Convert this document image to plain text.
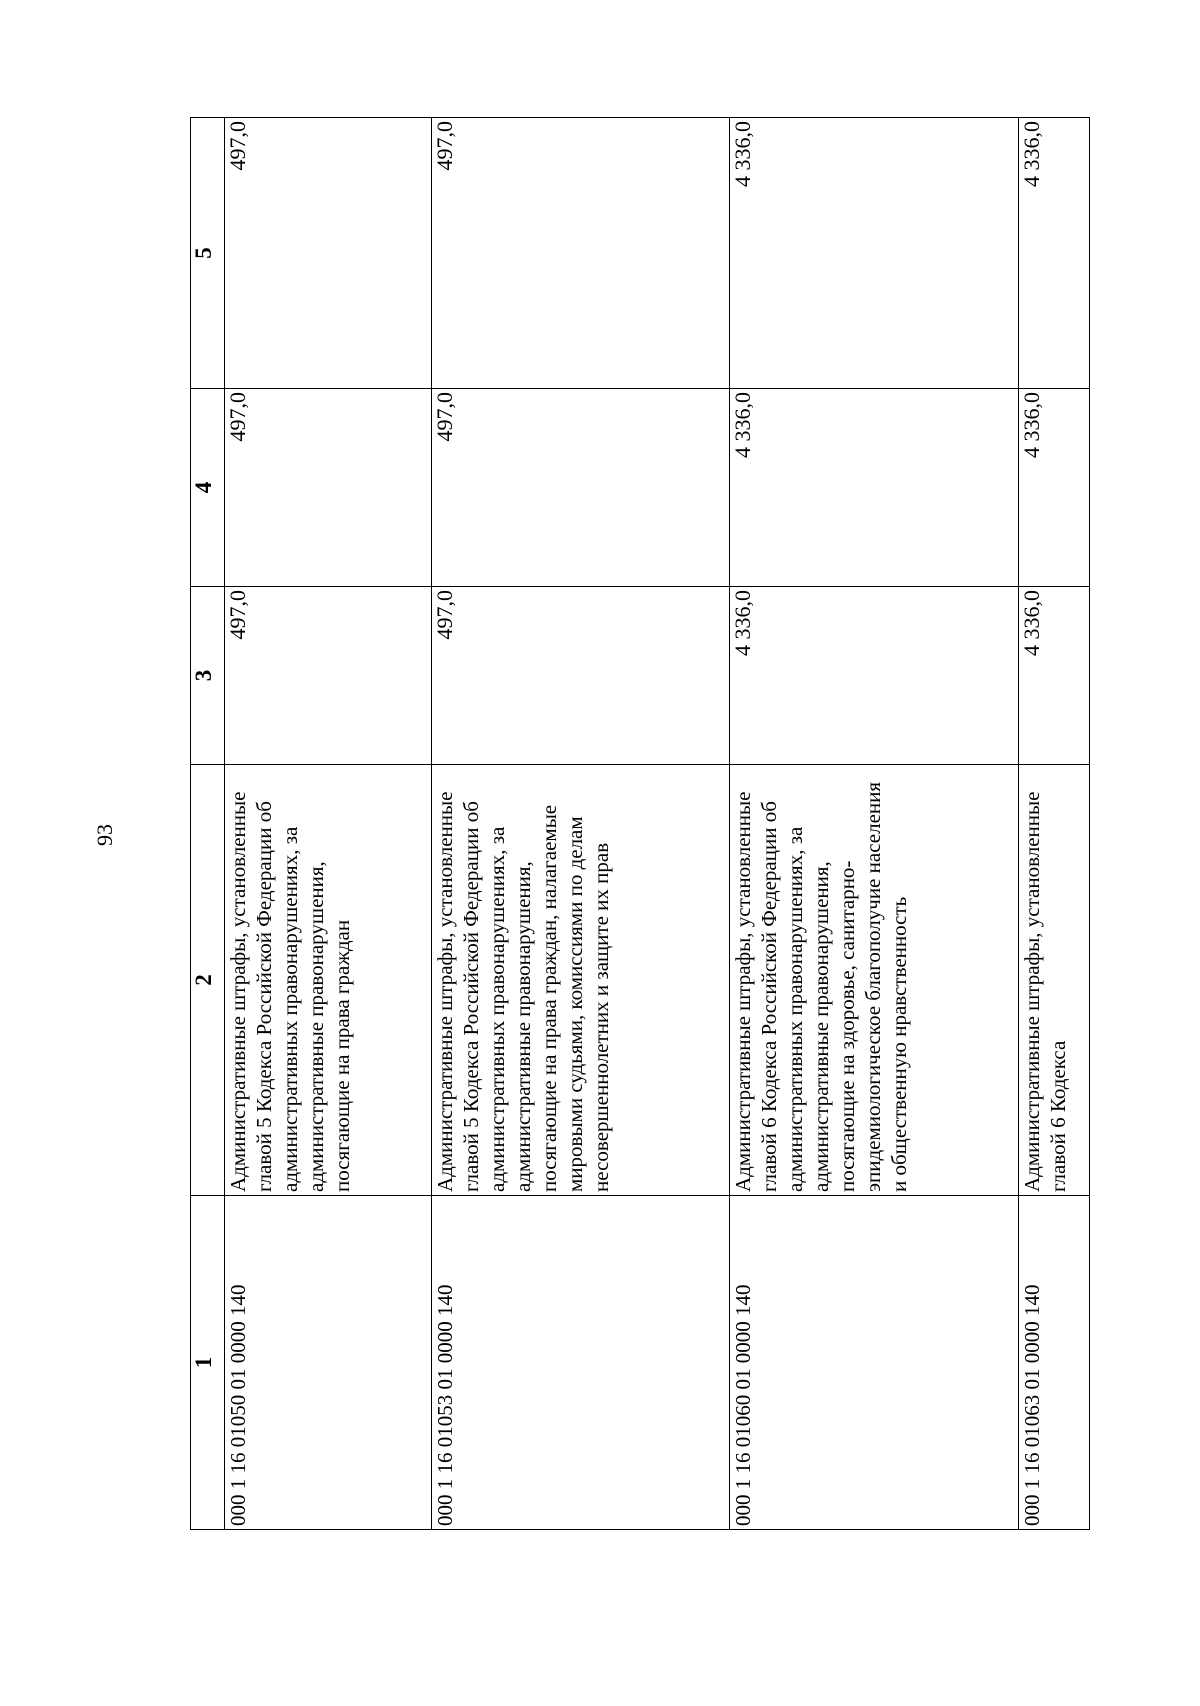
93
1	2	3	4	5
000 1 16 01050 01 0000 140	Административные штрафы, установленные главой 5 Кодекса Российской Федерации об административных правонарушениях, за административные правонарушения, посягающие на права граждан	497,0	497,0	497,0
000 1 16 01053 01 0000 140	Административные штрафы, установленные главой 5 Кодекса Российской Федерации об административных правонарушениях, за административные правонарушения, посягающие на права граждан, налагаемые мировыми судьями, комиссиями по делам несовершеннолетних и защите их прав	497,0	497,0	497,0
000 1 16 01060 01 0000 140	Административные штрафы, установленные главой 6 Кодекса Российской Федерации об административных правонарушениях, за административные правонарушения, посягающие на здоровье, санитарно-эпидемиологическое благополучие населения и общественную нравственность	4 336,0	4 336,0	4 336,0
000 1 16 01063 01 0000 140	Административные штрафы, установленные главой 6 Кодекса	4 336,0	4 336,0	4 336,0
